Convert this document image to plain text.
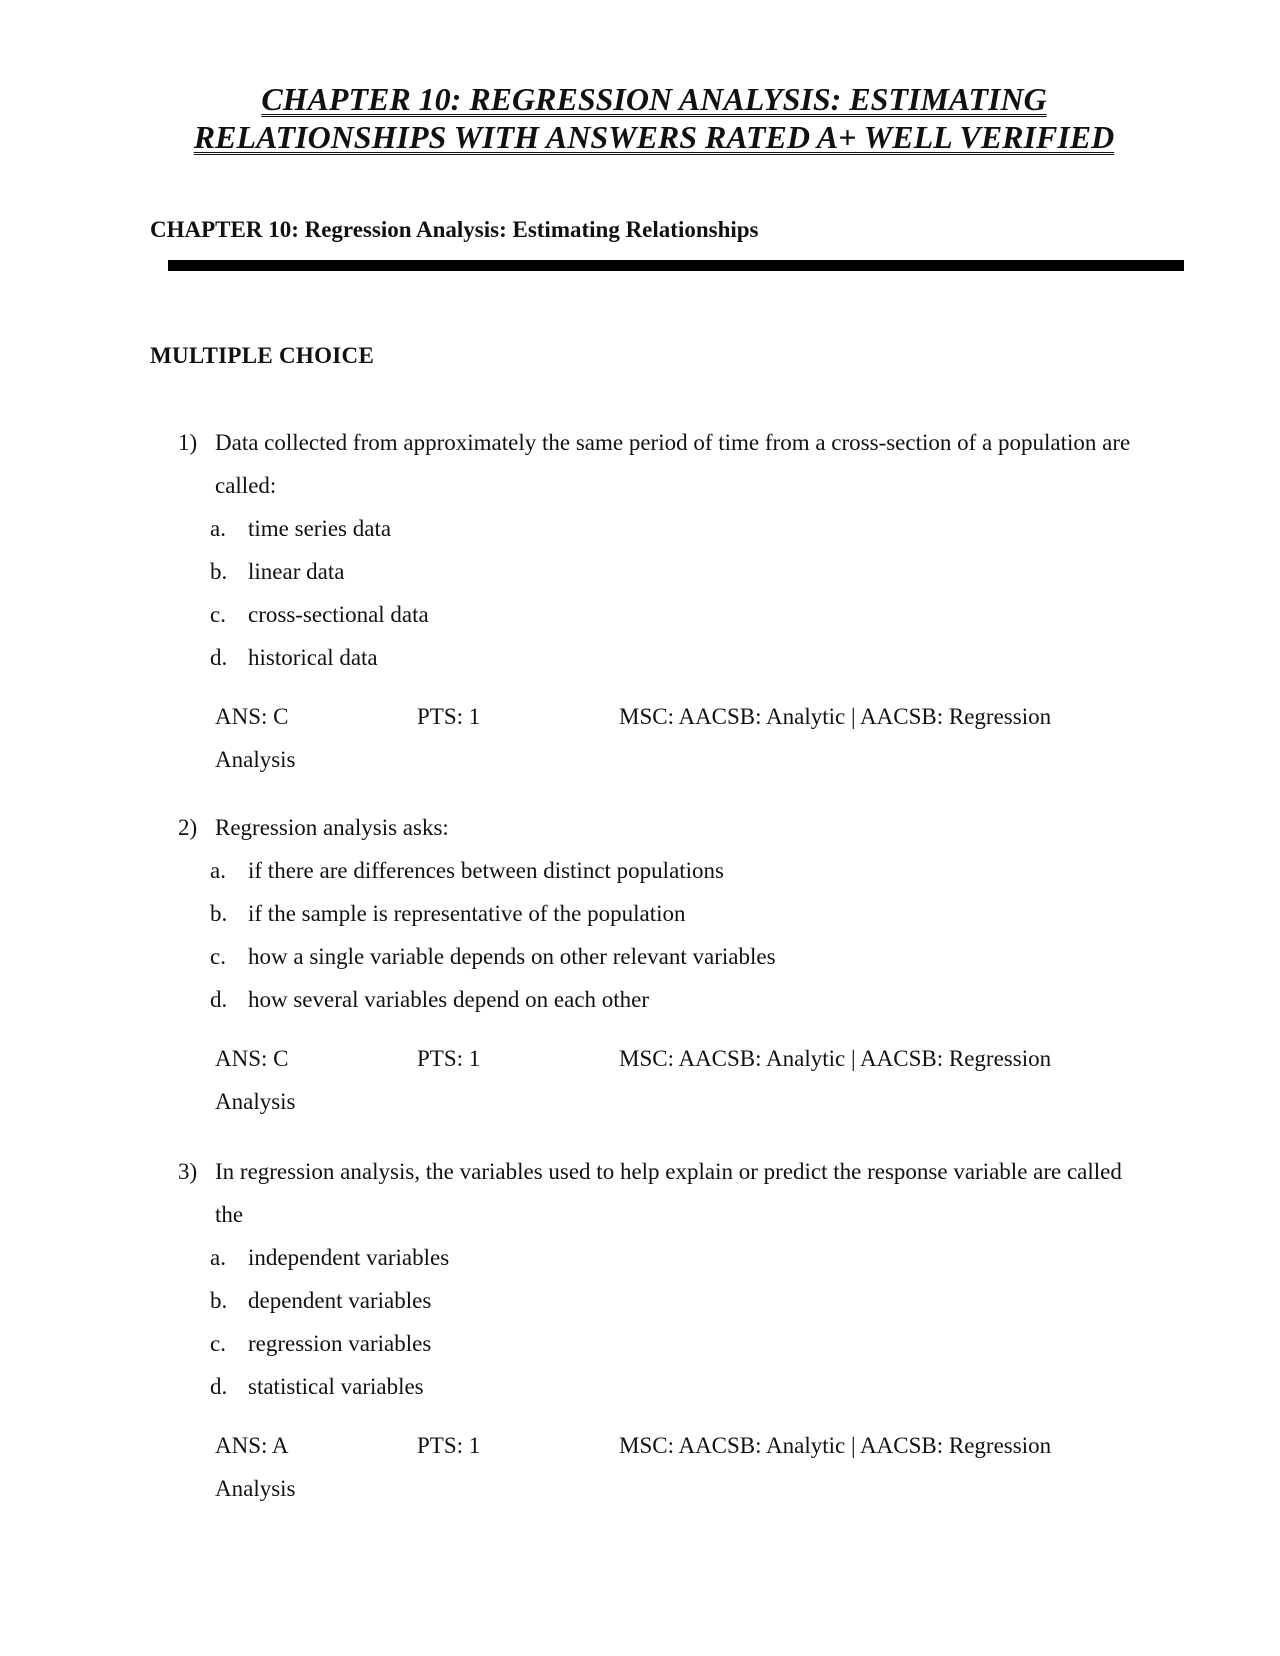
CHAPTER 10: REGRESSION ANALYSIS: ESTIMATING
RELATIONSHIPS WITH ANSWERS RATED A+ WELL VERIFIED
CHAPTER 10: Regression Analysis: Estimating Relationships
MULTIPLE CHOICE
1) Data collected from approximately the same period of time from a cross-section of a population are called:
a. time series data
b. linear data
c. cross-sectional data
d. historical data
ANS: C	PTS: 1	MSC: AACSB: Analytic | AACSB: Regression
Analysis
2) Regression analysis asks:
a. if there are differences between distinct populations
b. if the sample is representative of the population
c. how a single variable depends on other relevant variables
d. how several variables depend on each other
ANS: C	PTS: 1	MSC: AACSB: Analytic | AACSB: Regression
Analysis
3) In regression analysis, the variables used to help explain or predict the response variable are called the
a. independent variables
b. dependent variables
c. regression variables
d. statistical variables
ANS: A	PTS: 1	MSC: AACSB: Analytic | AACSB: Regression
Analysis
